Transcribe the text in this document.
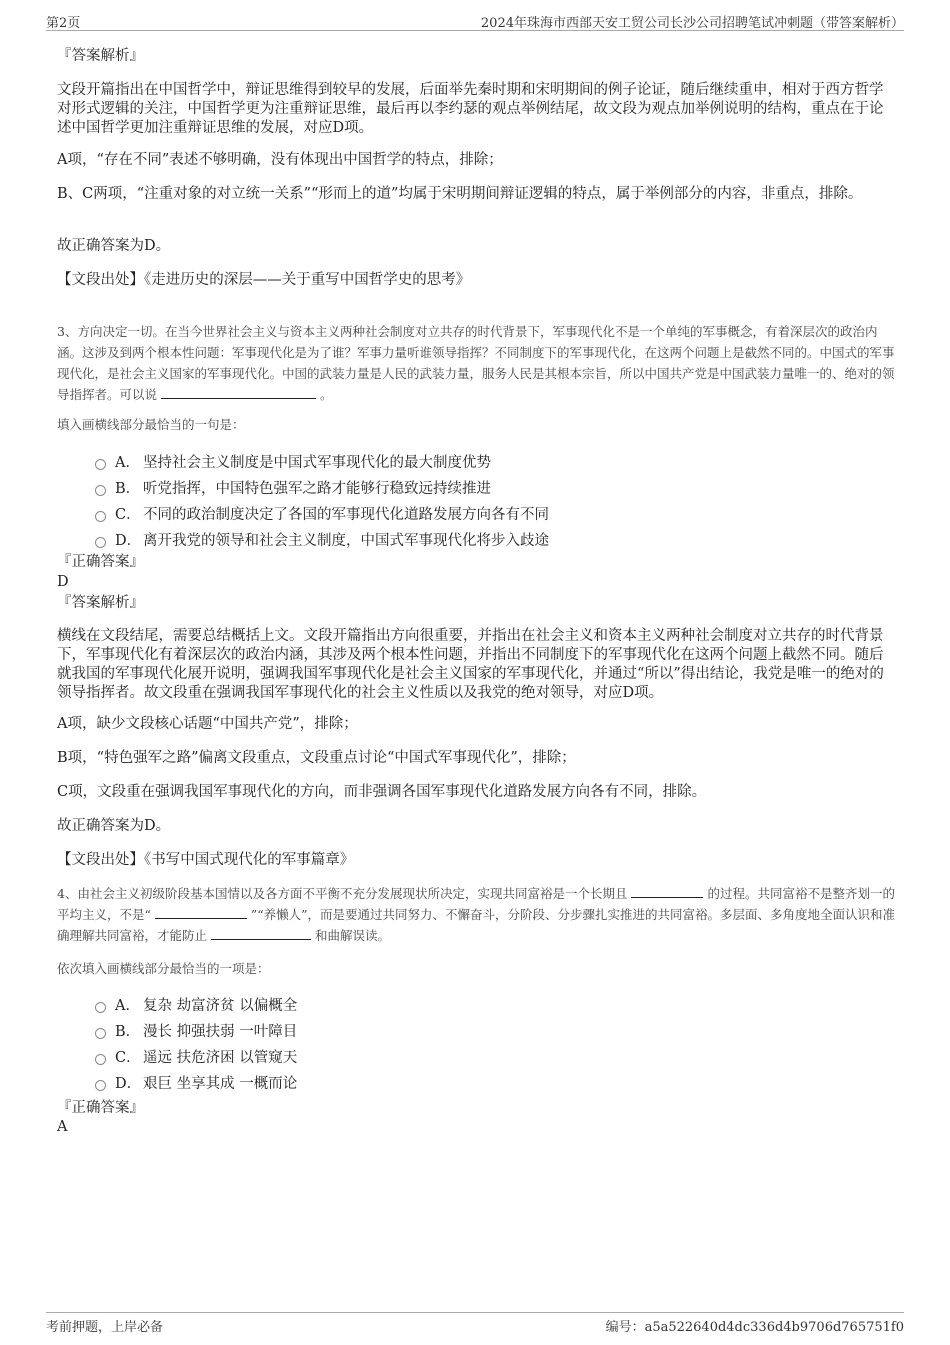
第2页	2024年珠海市西部天安工贸公司长沙公司招聘笔试冲刺题（带答案解析）
『答案解析』
文段开篇指出在中国哲学中，辩证思维得到较早的发展，后面举先秦时期和宋明期间的例子论证，随后继续重申，相对于西方哲学对形式逻辑的关注，中国哲学更为注重辩证思维，最后再以李约瑟的观点举例结尾，故文段为观点加举例说明的结构，重点在于论述中国哲学更加注重辩证思维的发展，对应D项。
A项，“存在不同”表述不够明确，没有体现出中国哲学的特点，排除；
B、C两项，“注重对象的对立统一关系”“形而上的道”均属于宋明期间辩证逻辑的特点，属于举例部分的内容，非重点，排除。
故正确答案为D。
【文段出处】《走进历史的深层——关于重写中国哲学史的思考》
3、方向决定一切。在当今世界社会主义与资本主义两种社会制度对立共存的时代背景下，军事现代化不是一个单纯的军事概念，有着深层次的政治内涵。这涉及到两个根本性问题：军事现代化是为了谁？军事力量听谁领导指挥？不同制度下的军事现代化，在这两个问题上是截然不同的。中国式的军事现代化，是社会主义国家的军事现代化。中国的武装力量是人民的武装力量，服务人民是其根本宗旨，所以中国共产党是中国武装力量唯一的、绝对的领导指挥者。可以说	。
填入画横线部分最恰当的一句是：
A． 坚持社会主义制度是中国式军事现代化的最大制度优势
B． 听党指挥，中国特色强军之路才能够行稳致远持续推进
C． 不同的政治制度决定了各国的军事现代化道路发展方向各有不同
D． 离开我党的领导和社会主义制度，中国式军事现代化将步入歧途
『正确答案』
D
『答案解析』
横线在文段结尾，需要总结概括上文。文段开篇指出方向很重要，并指出在社会主义和资本主义两种社会制度对立共存的时代背景下，军事现代化有着深层次的政治内涵，其涉及两个根本性问题，并指出不同制度下的军事现代化在这两个问题上截然不同。随后就我国的军事现代化展开说明，强调我国军事现代化是社会主义国家的军事现代化，并通过“所以”得出结论，我党是唯一的绝对的领导指挥者。故文段重在强调我国军事现代化的社会主义性质以及我党的绝对领导，对应D项。
A项，缺少文段核心话题“中国共产党”，排除；
B项，“特色强军之路”偏离文段重点，文段重点讨论“中国式军事现代化”，排除；
C项，文段重在强调我国军事现代化的方向，而非强调各国军事现代化道路发展方向各有不同，排除。
故正确答案为D。
【文段出处】《书写中国式现代化的军事篇章》
4、由社会主义初级阶段基本国情以及各方面不平衡不充分发展现状所决定，实现共同富裕是一个长期且	的过程。共同富裕不是整齐划一的平均主义，不是“	”“养懒人”，而是要通过共同努力、不懈奋斗，分阶段、分步骤扎实推进的共同富裕。多层面、多角度地全面认识和准确理解共同富裕，才能防止	和曲解误读。
依次填入画横线部分最恰当的一项是：
A． 复杂 劫富济贫 以偏概全
B． 漫长 抑强扶弱 一叶障目
C． 遥远 扶危济困 以管窥天
D． 艰巨 坐享其成 一概而论
『正确答案』
A
考前押题，上岸必备	编号：a5a522640d4dc336d4b9706d765751f0
